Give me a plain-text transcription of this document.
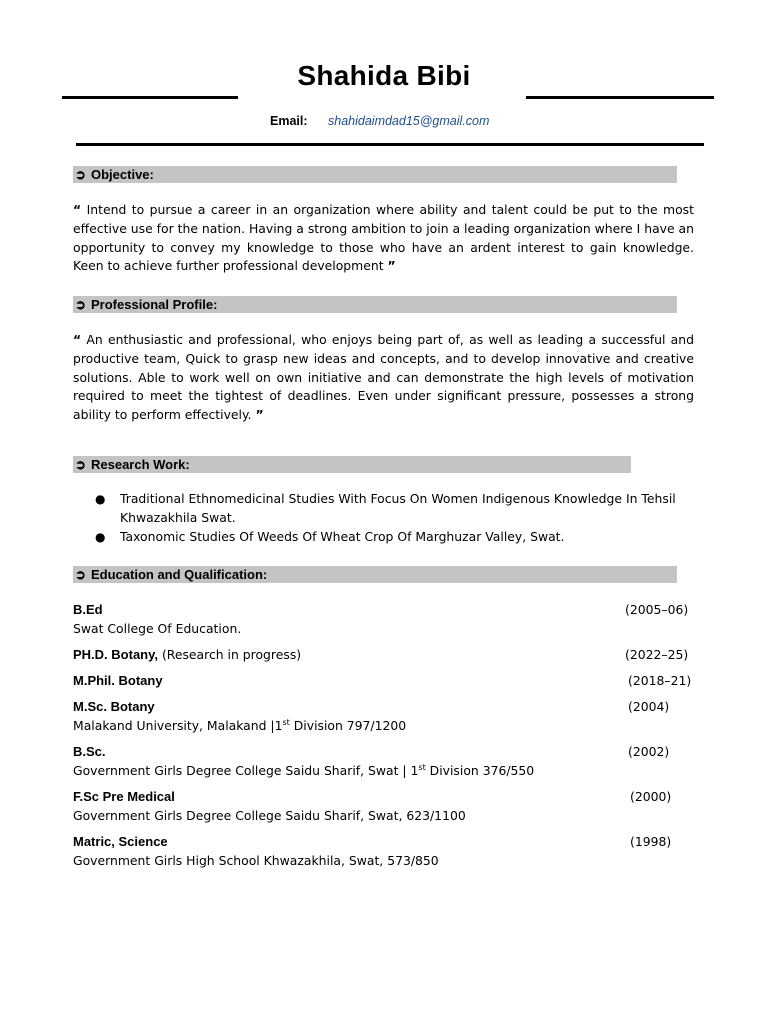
Shahida Bibi
Email: shahidaimdad15@gmail.com
➲ Objective:
“ Intend to pursue a career in an organization where ability and talent could be put to the most effective use for the nation. Having a strong ambition to join a leading organization where I have an opportunity to convey my knowledge to those who have an ardent interest to gain knowledge. Keen to achieve further professional development ”
➲ Professional Profile:
“ An enthusiastic and professional, who enjoys being part of, as well as leading a successful and productive team, Quick to grasp new ideas and concepts, and to develop innovative and creative solutions. Able to work well on own initiative and can demonstrate the high levels of motivation required to meet the tightest of deadlines. Even under significant pressure, possesses a strong ability to perform effectively. ”
➲ Research Work:
● Traditional Ethnomedicinal Studies With Focus On Women Indigenous Knowledge In Tehsil Khwazakhila Swat.
● Taxonomic Studies Of Weeds Of Wheat Crop Of Marghuzar Valley, Swat.
➲ Education and Qualification:
B.Ed	(2005–06)
Swat College Of Education.
PH.D. Botany, (Research in progress)	(2022–25)
M.Phil. Botany	(2018–21)
M.Sc. Botany	(2004)
Malakand University, Malakand |1st Division 797/1200
B.Sc.	(2002)
Government Girls Degree College Saidu Sharif, Swat | 1st Division 376/550
F.Sc Pre Medical	(2000)
Government Girls Degree College Saidu Sharif, Swat, 623/1100
Matric, Science	(1998)
Government Girls High School Khwazakhila, Swat, 573/850
